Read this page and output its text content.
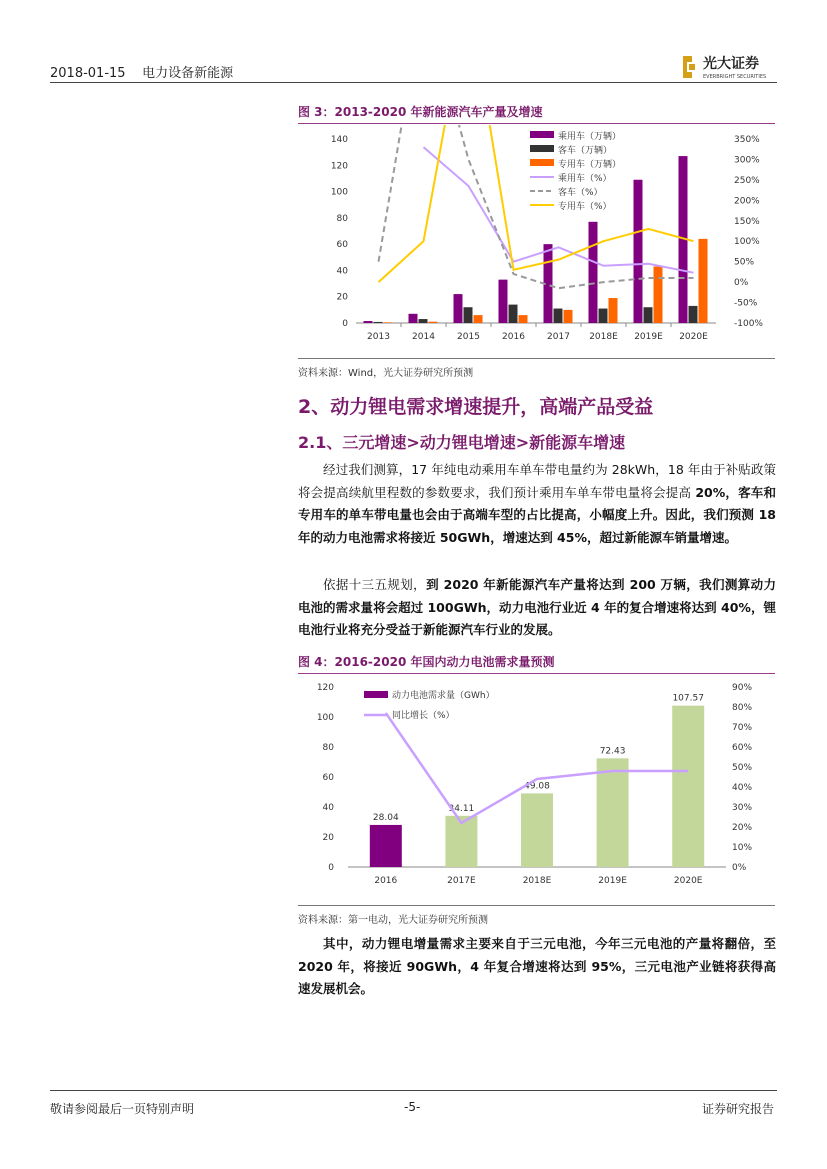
2018-01-15 电力设备新能源
光大证券
EVERBRIGHT SECURITIES
图 3：2013-2020 年新能源汽车产量及增速
0
20
40
60
80
100
120
140
-100%
-50%
0%
50%
100%
150%
200%
250%
300%
350%
2013 2014 2015 2016 2017 2018E 2019E 2020E
乘用车（万辆）
客车（万辆）
专用车（万辆）
乘用车（%）
客车（%）
专用车（%）
资料来源：Wind，光大证券研究所预测
2、动力锂电需求增速提升，高端产品受益
2.1、三元增速>动力锂电增速>新能源车增速
经过我们测算，17 年纯电动乘用车单车带电量约为 28kWh，18 年由于补贴政策将会提高续航里程数的参数要求，我们预计乘用车单车带电量将会提高 20%，客车和专用车的单车带电量也会由于高端车型的占比提高，小幅度上升。因此，我们预测 18 年的动力电池需求将接近 50GWh，增速达到 45%，超过新能源车销量增速。
依据十三五规划，到 2020 年新能源汽车产量将达到 200 万辆，我们测算动力电池的需求量将会超过 100GWh，动力电池行业近 4 年的复合增速将达到 40%，锂电池行业将充分受益于新能源汽车行业的发展。
图 4：2016-2020 年国内动力电池需求量预测
0
20
40
60
80
100
120
0%
10%
20%
30%
40%
50%
60%
70%
80%
90%
2016
28.04
2017E
34.11
2018E
49.08
2019E
72.43
2020E
107.57
动力电池需求量（GWh）
同比增长（%）
资料来源：第一电动，光大证券研究所预测
其中，动力锂电增量需求主要来自于三元电池，今年三元电池的产量将翻倍，至 2020 年，将接近 90GWh，4 年复合增速将达到 95%，三元电池产业链将获得高速发展机会。
敬请参阅最后一页特别声明	-5-	证券研究报告
